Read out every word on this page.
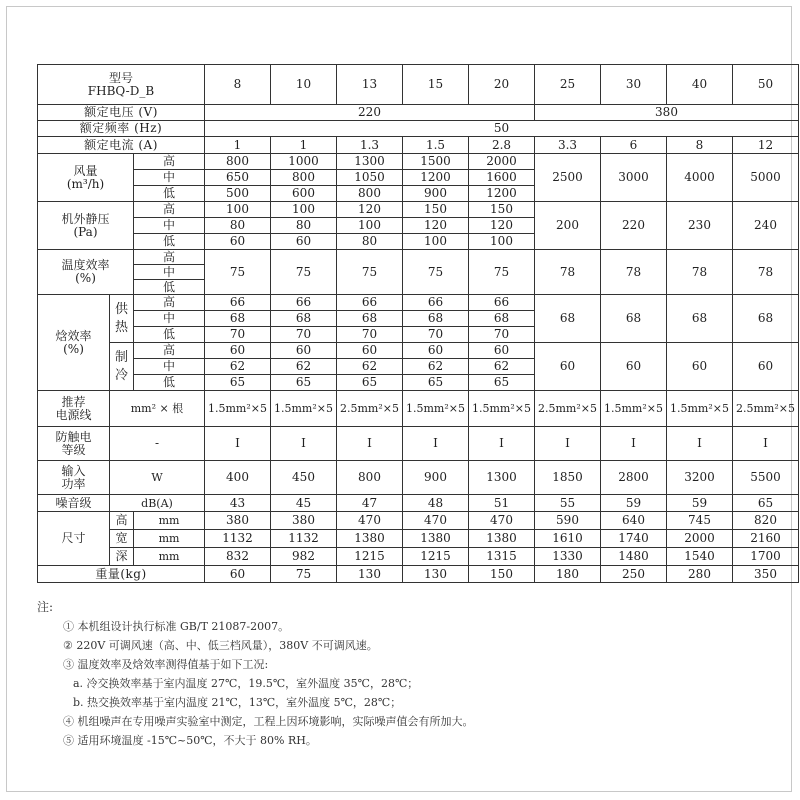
型号
FHBQ-D_B			8	10	13	15	20	25	30	40	50
额定电压 (V)			220					380			
额定频率 (Hz)			50								
额定电流 (A)			1	1	1.3	1.5	2.8	3.3	6	8	12

风量
(m³/h)		高	800	1000	1300	1500	2000	2500	3000	4000	5000
		中	650	800	1050	1200	1600				
		低	500	600	800	900	1200				

机外静压
(Pa)		高	100	100	120	150	150	200	220	230	240
		中	80	80	100	120	120				
		低	60	60	80	100	100				

温度效率
(%)		高	75	75	75	75	75	78	78	78	78
		中									
		低									

焓效率
(%)	供热	高	66	66	66	66	66	68	68	68	68
		中	68	68	68	68	68				
		低	70	70	70	70	70				
	制冷	高	60	60	60	60	60	60	60	60	60
		中	62	62	62	62	62				
		低	65	65	65	65	65				

推荐
电源线	mm² × 根		1.5mm²×5	1.5mm²×5	2.5mm²×5	1.5mm²×5	1.5mm²×5	2.5mm²×5	1.5mm²×5	1.5mm²×5	2.5mm²×5

防触电
等级	-		I	I	I	I	I	I	I	I	I

输入
功率	W		400	450	800	900	1300	1850	2800	3200	5500
噪音级	dB(A)		43	45	47	48	51	55	59	59	65
尺寸	高	mm	380	380	470	470	470	590	640	745	820
	宽	mm	1132	1132	1380	1380	1380	1610	1740	2000	2160
	深	mm	832	982	1215	1215	1315	1330	1480	1540	1700
重量(kg)			60	75	130	130	150	180	250	280	350
注:
① 本机组设计执行标准 GB/T 21087-2007。
② 220V 可调风速（高、中、低三档风量），380V 不可调风速。
③ 温度效率及焓效率测得值基于如下工况:
a. 冷交换效率基于室内温度 27℃，19.5℃，室外温度 35℃，28℃；
b. 热交换效率基于室内温度 21℃，13℃，室外温度 5℃，28℃；
④ 机组噪声在专用噪声实验室中测定，工程上因环境影响，实际噪声值会有所加大。
⑤ 适用环境温度 -15℃~50℃，不大于 80% RH。
